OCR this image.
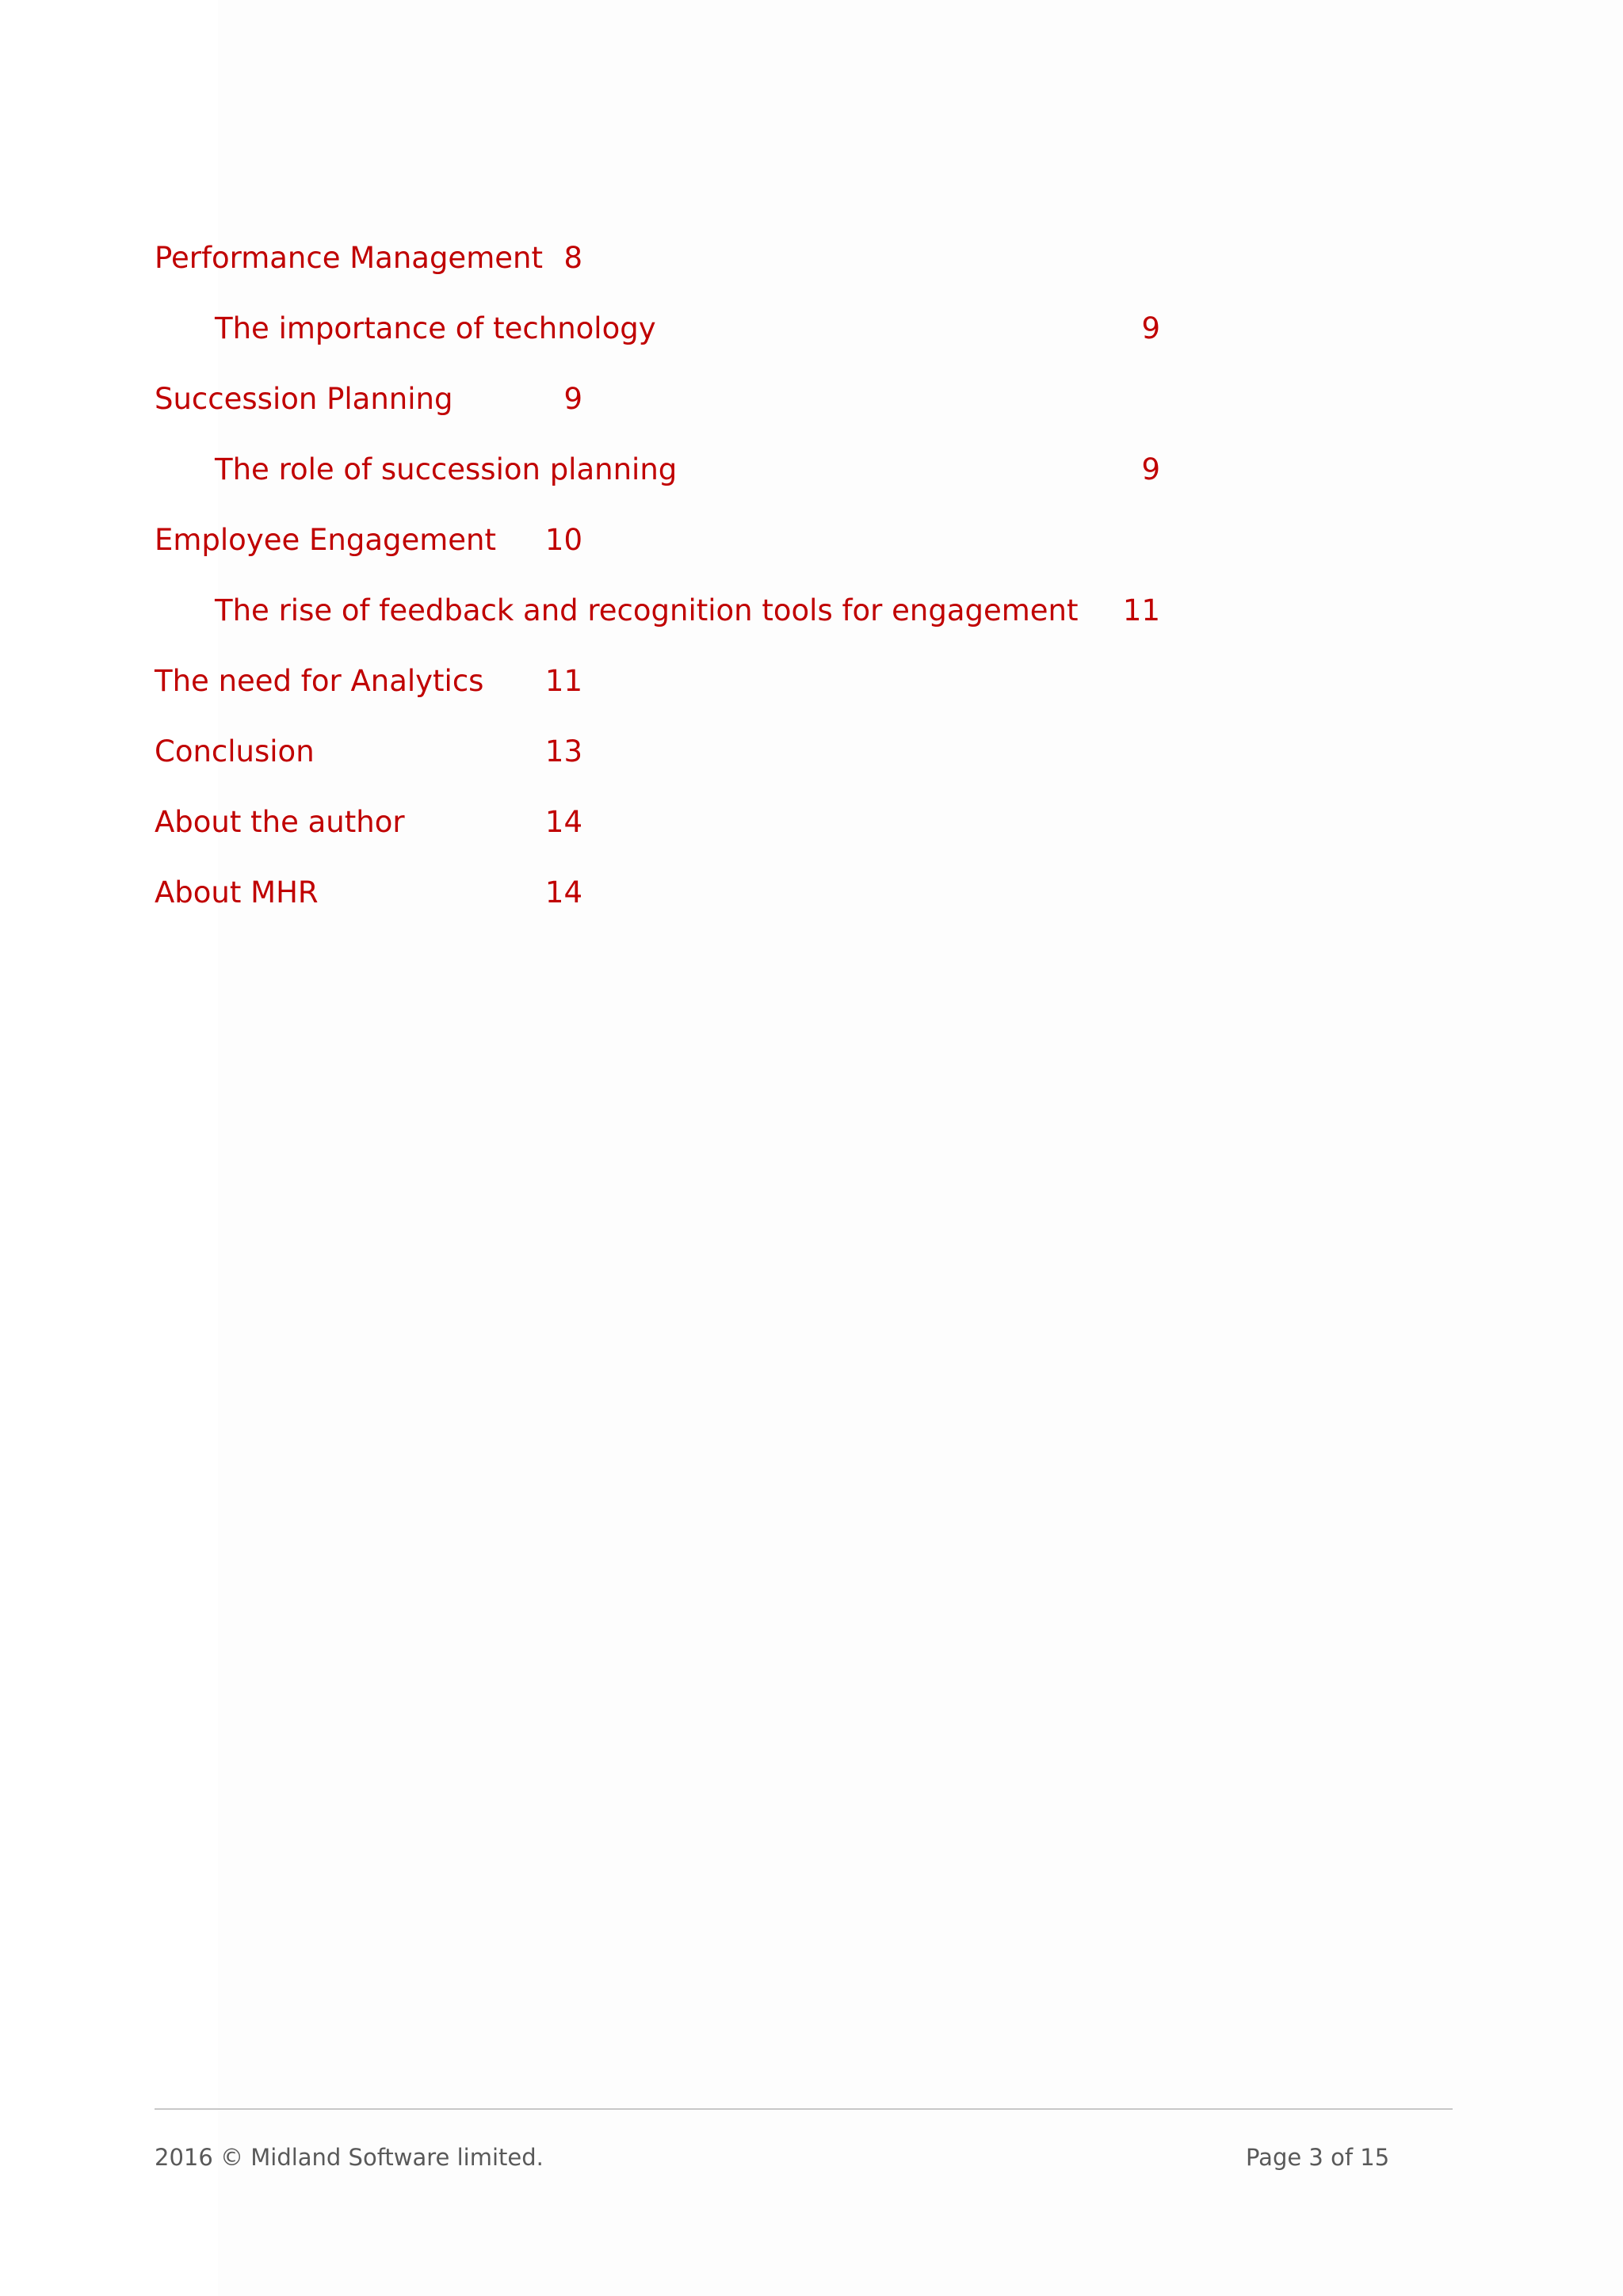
Performance Management 8
The importance of technology	9
Succession Planning	9
The role of succession planning	9
Employee Engagement	10
The rise of feedback and recognition tools for engagement	11
The need for Analytics	11
Conclusion	13
About the author	14
About MHR	14
2016 © Midland Software limited.	Page 3 of 15
